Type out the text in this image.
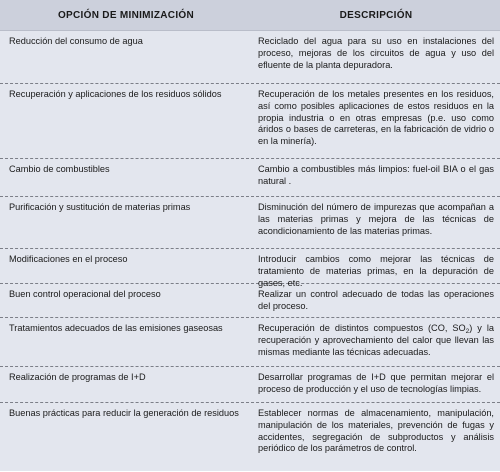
OPCIÓN DE MINIMIZACIÓN	DESCRIPCIÓN
Reducción del consumo de agua	Reciclado del agua para su uso en instalaciones del proceso, mejoras de los circuitos de agua y uso del efluente de la planta depuradora.
Recuperación y aplicaciones de los residuos sólidos	Recuperación de los metales presentes en los residuos, así como posibles aplicaciones de estos residuos en la propia industria o en otras empresas (p.e. uso como áridos o bases de carreteras, en la fabricación de vidrio o en la minería).
Cambio de combustibles	Cambio a combustibles más limpios: fuel-oil BIA o el gas natural .
Purificación y sustitución de materias primas	Disminución del número de impurezas que acompañan a las materias primas y mejora de las técnicas de acondicionamiento de las materias primas.
Modificaciones en el proceso	Introducir cambios como mejorar las técnicas de tratamiento de materias primas, en la depuración de gases, etc.
Buen control operacional del proceso	Realizar un control adecuado de todas las operaciones del proceso.
Tratamientos adecuados de las emisiones gaseosas	Recuperación de distintos compuestos (CO, $SO_2$) y la recuperación y aprovechamiento del calor que llevan las mismas mediante las técnicas adecuadas.
Realización de programas de I+D	Desarrollar programas de I+D que permitan mejorar el proceso de producción y el uso de tecnologías limpias.
Buenas prácticas para reducir la generación de residuos	Establecer normas de almacenamiento, manipulación, manipulación de los materiales, prevención de fugas y accidentes, segregación de subproductos y análisis periódico de los parámetros de control.
